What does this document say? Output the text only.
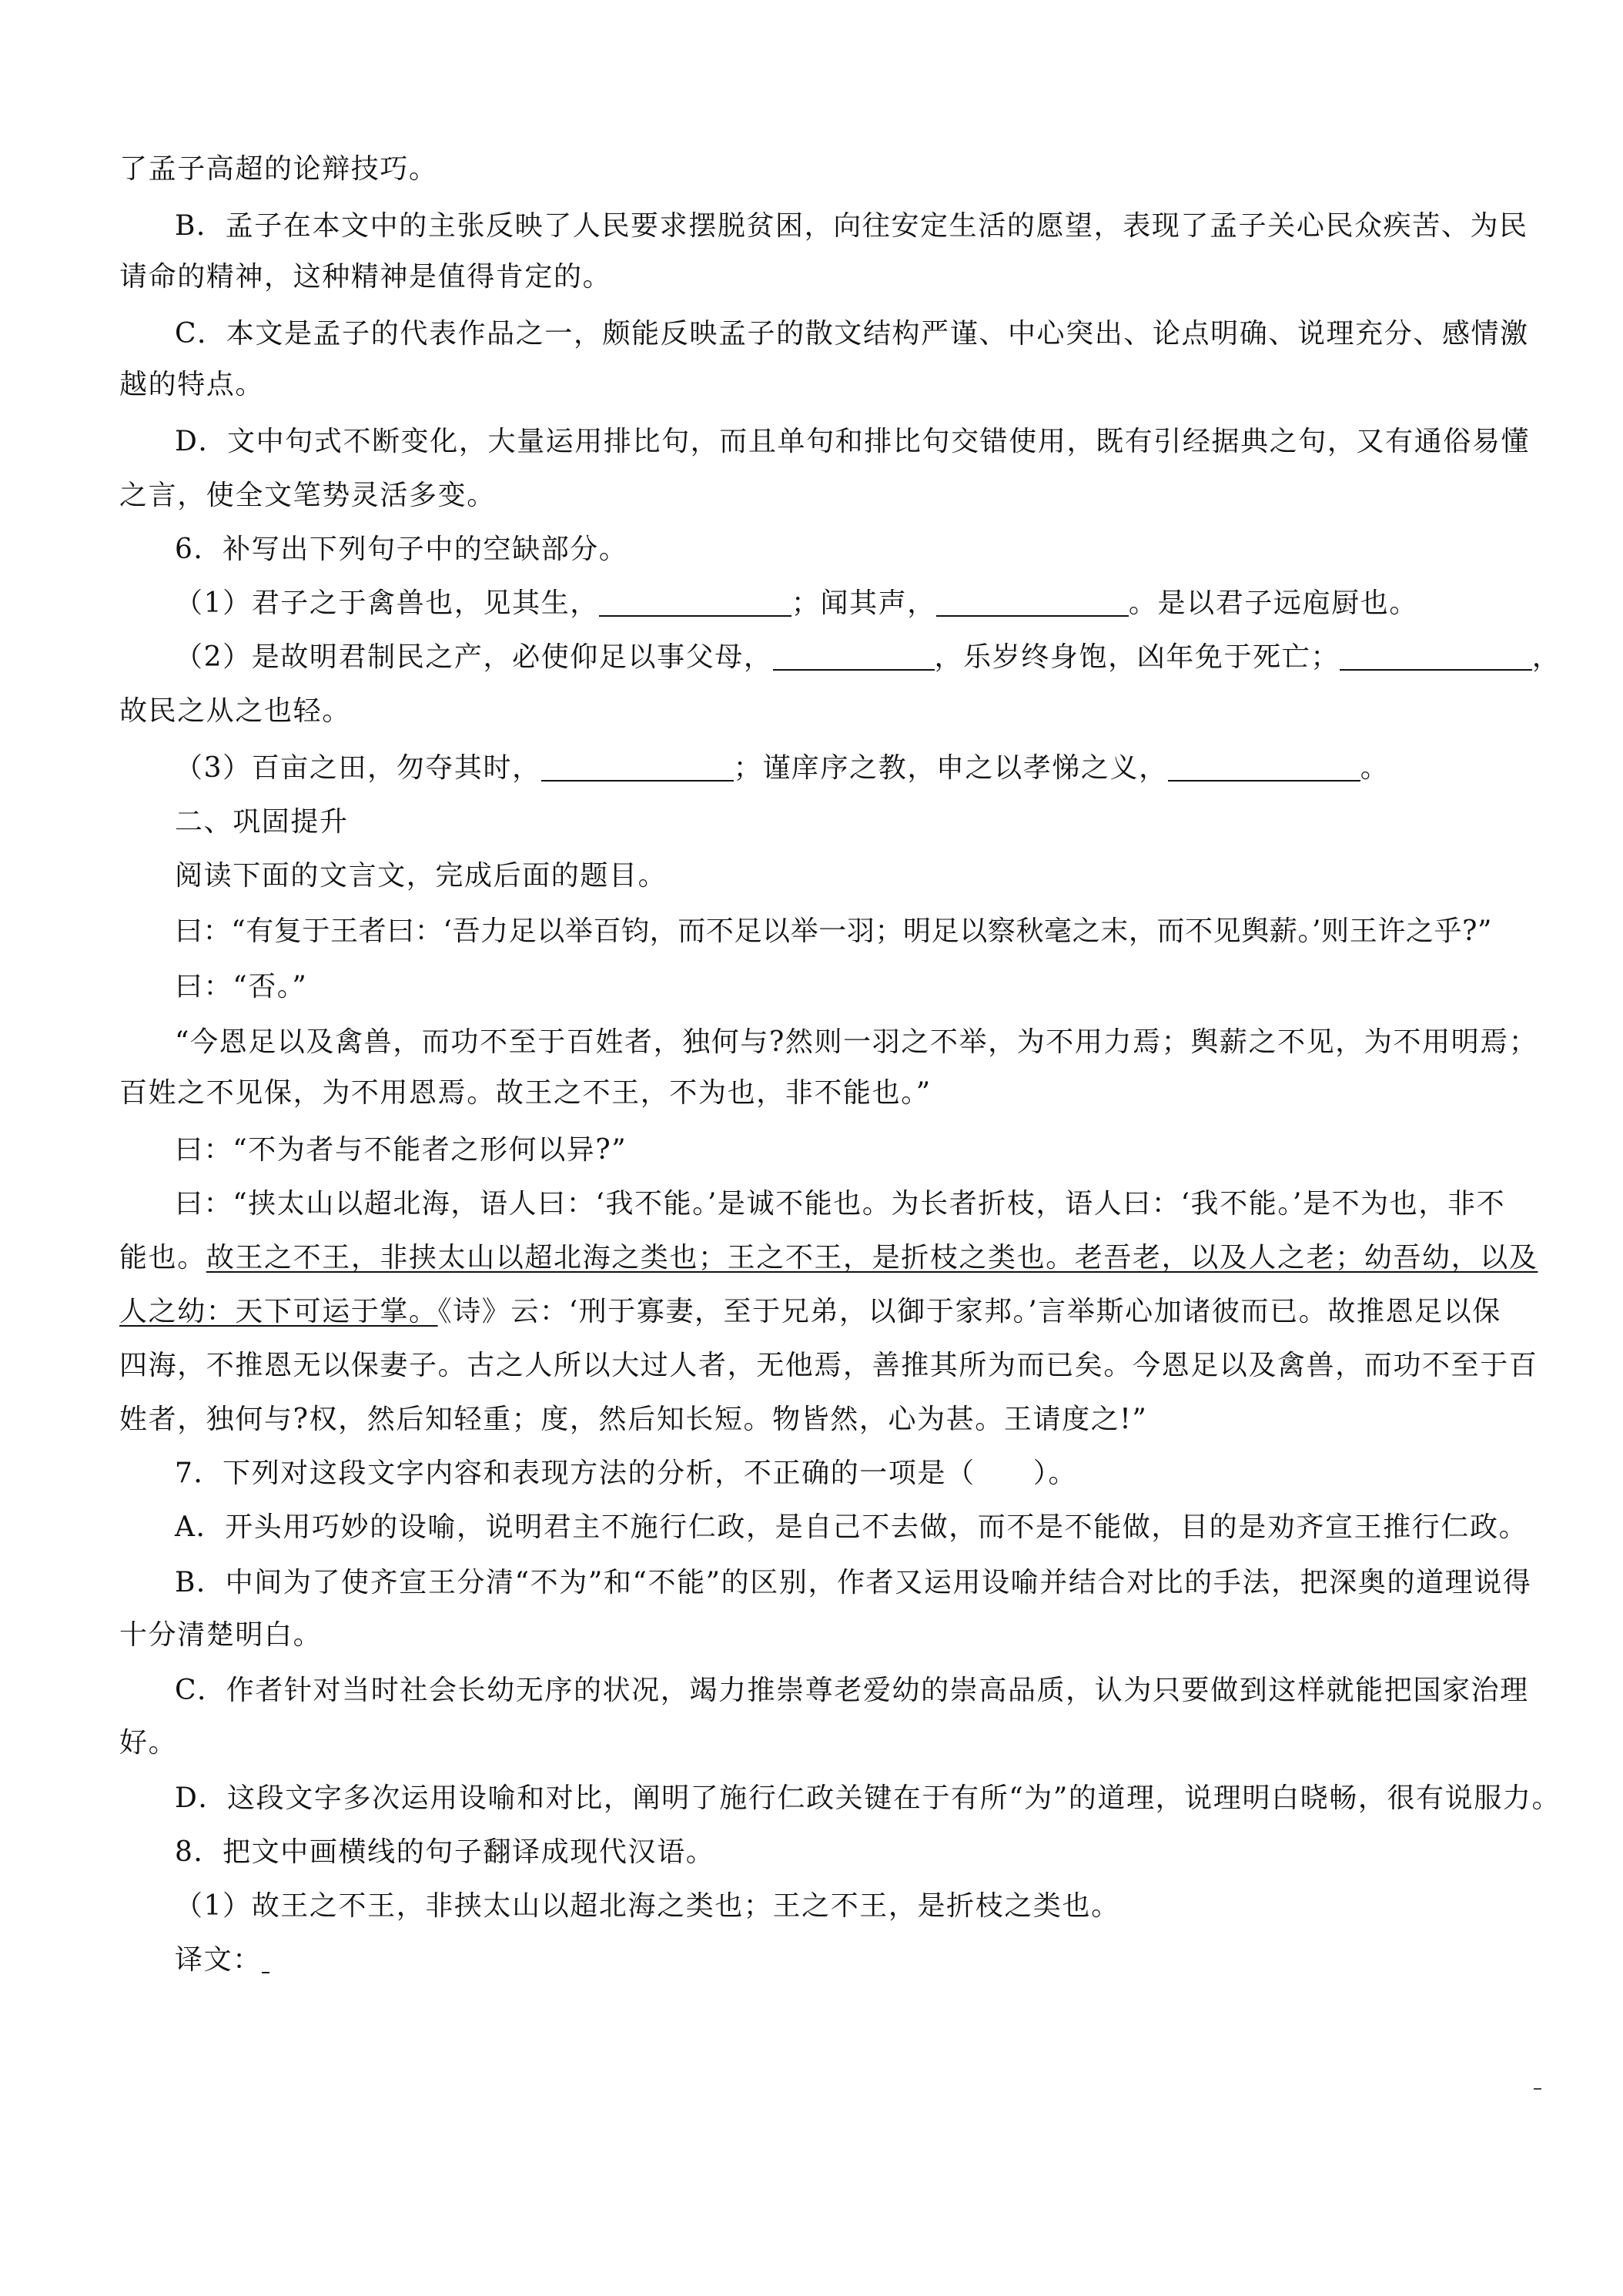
了孟子高超的论辩技巧。
B．孟子在本文中的主张反映了人民要求摆脱贫困，向往安定生活的愿望，表现了孟子关心民众疾苦、为民
请命的精神，这种精神是值得肯定的。
C．本文是孟子的代表作品之一，颇能反映孟子的散文结构严谨、中心突出、论点明确、说理充分、感情激
越的特点。
D．文中句式不断变化，大量运用排比句，而且单句和排比句交错使用，既有引经据典之句，又有通俗易懂
之言，使全文笔势灵活多变。
6．补写出下列句子中的空缺部分。
（1）君子之于禽兽也，见其生，	；闻其声，	。是以君子远庖厨也。
（2）是故明君制民之产，必使仰足以事父母，	，乐岁终身饱，凶年免于死亡；	，
故民之从之也轻。
（3）百亩之田，勿夺其时，	；谨庠序之教，申之以孝悌之义，	。
二、巩固提升
阅读下面的文言文，完成后面的题目。
曰：“有复于王者曰：‘吾力足以举百钧，而不足以举一羽；明足以察秋毫之末，而不见舆薪。’则王许之乎?”
曰：“否。”
“今恩足以及禽兽，而功不至于百姓者，独何与?然则一羽之不举，为不用力焉；舆薪之不见，为不用明焉；
百姓之不见保，为不用恩焉。故王之不王，不为也，非不能也。”
曰：“不为者与不能者之形何以异?”
曰：“挟太山以超北海，语人曰：‘我不能。’是诚不能也。为长者折枝，语人曰：‘我不能。’是不为也，非不
能也。故王之不王，非挟太山以超北海之类也；王之不王，是折枝之类也。老吾老，以及人之老；幼吾幼，以及
人之幼：天下可运于掌。《诗》云：‘刑于寡妻，至于兄弟，以御于家邦。’言举斯心加诸彼而已。故推恩足以保
四海，不推恩无以保妻子。古之人所以大过人者，无他焉，善推其所为而已矣。今恩足以及禽兽，而功不至于百
姓者，独何与?权，然后知轻重；度，然后知长短。物皆然，心为甚。王请度之!”
7．下列对这段文字内容和表现方法的分析，不正确的一项是（　　）。
A．开头用巧妙的设喻，说明君主不施行仁政，是自己不去做，而不是不能做，目的是劝齐宣王推行仁政。
B．中间为了使齐宣王分清“不为”和“不能”的区别，作者又运用设喻并结合对比的手法，把深奥的道理说得
十分清楚明白。
C．作者针对当时社会长幼无序的状况，竭力推崇尊老爱幼的崇高品质，认为只要做到这样就能把国家治理
好。
D．这段文字多次运用设喻和对比，阐明了施行仁政关键在于有所“为”的道理，说理明白晓畅，很有说服力。
8．把文中画横线的句子翻译成现代汉语。
（1）故王之不王，非挟太山以超北海之类也；王之不王，是折枝之类也。
译文：
